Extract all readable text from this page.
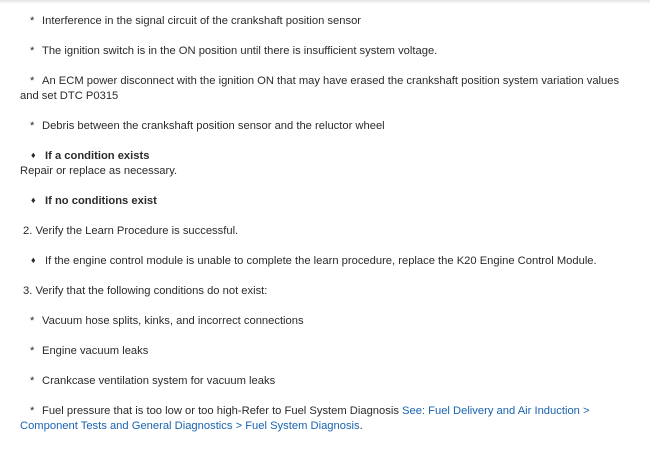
* Interference in the signal circuit of the crankshaft position sensor
* The ignition switch is in the ON position until there is insufficient system voltage.
* An ECM power disconnect with the ignition ON that may have erased the crankshaft position system variation values and set DTC P0315
* Debris between the crankshaft position sensor and the reluctor wheel
♦ If a condition exists
Repair or replace as necessary.
♦ If no conditions exist
2. Verify the Learn Procedure is successful.
♦ If the engine control module is unable to complete the learn procedure, replace the K20 Engine Control Module.
3. Verify that the following conditions do not exist:
* Vacuum hose splits, kinks, and incorrect connections
* Engine vacuum leaks
* Crankcase ventilation system for vacuum leaks
* Fuel pressure that is too low or too high-Refer to Fuel System Diagnosis See: Fuel Delivery and Air Induction > Component Tests and General Diagnostics > Fuel System Diagnosis.
